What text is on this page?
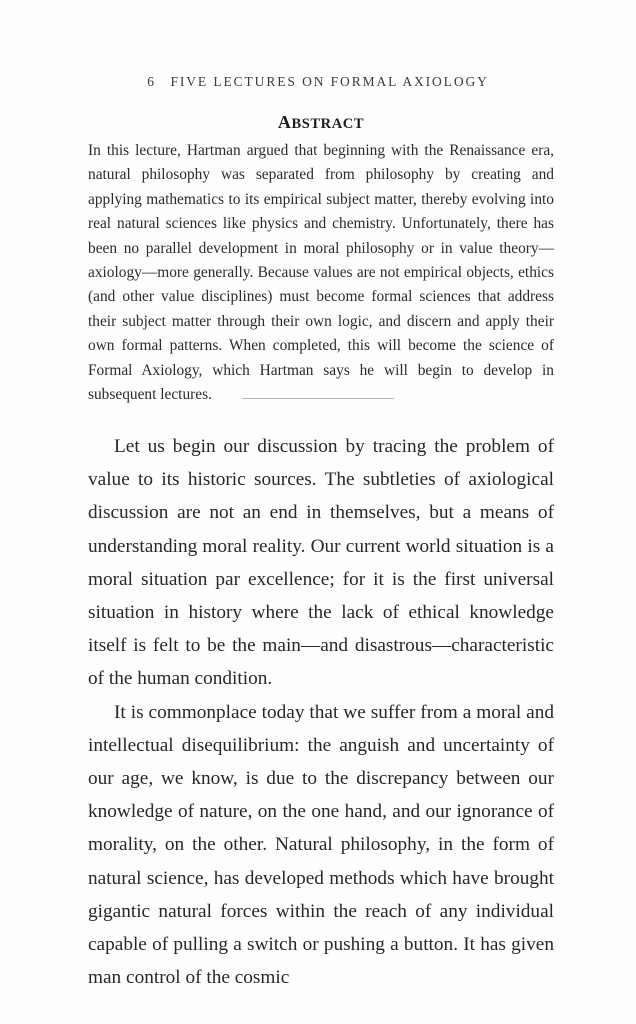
6 FIVE LECTURES ON FORMAL AXIOLOGY
ABSTRACT

In this lecture, Hartman argued that beginning with the Renaissance era, natural philosophy was separated from philosophy by creating and applying mathematics to its empirical subject matter, thereby evolving into real natural sciences like physics and chemistry. Unfortunately, there has been no parallel development in moral philosophy or in value theory—axiology—more generally. Because values are not empirical objects, ethics (and other value disciplines) must become formal sciences that address their subject matter through their own logic, and discern and apply their own formal patterns. When completed, this will become the science of Formal Axiology, which Hartman says he will begin to develop in subsequent lectures.

Let us begin our discussion by tracing the problem of value to its historic sources. The subtleties of axiological discussion are not an end in themselves, but a means of understanding moral reality. Our current world situation is a moral situation par excellence; for it is the first universal situation in history where the lack of ethical knowledge itself is felt to be the main—and disastrous—characteristic of the human condition.

It is commonplace today that we suffer from a moral and intellectual disequilibrium: the anguish and uncertainty of our age, we know, is due to the discrepancy between our knowledge of nature, on the one hand, and our ignorance of morality, on the other. Natural philosophy, in the form of natural science, has developed methods which have brought gigantic natural forces within the reach of any individual capable of pulling a switch or pushing a button. It has given man control of the cosmic
